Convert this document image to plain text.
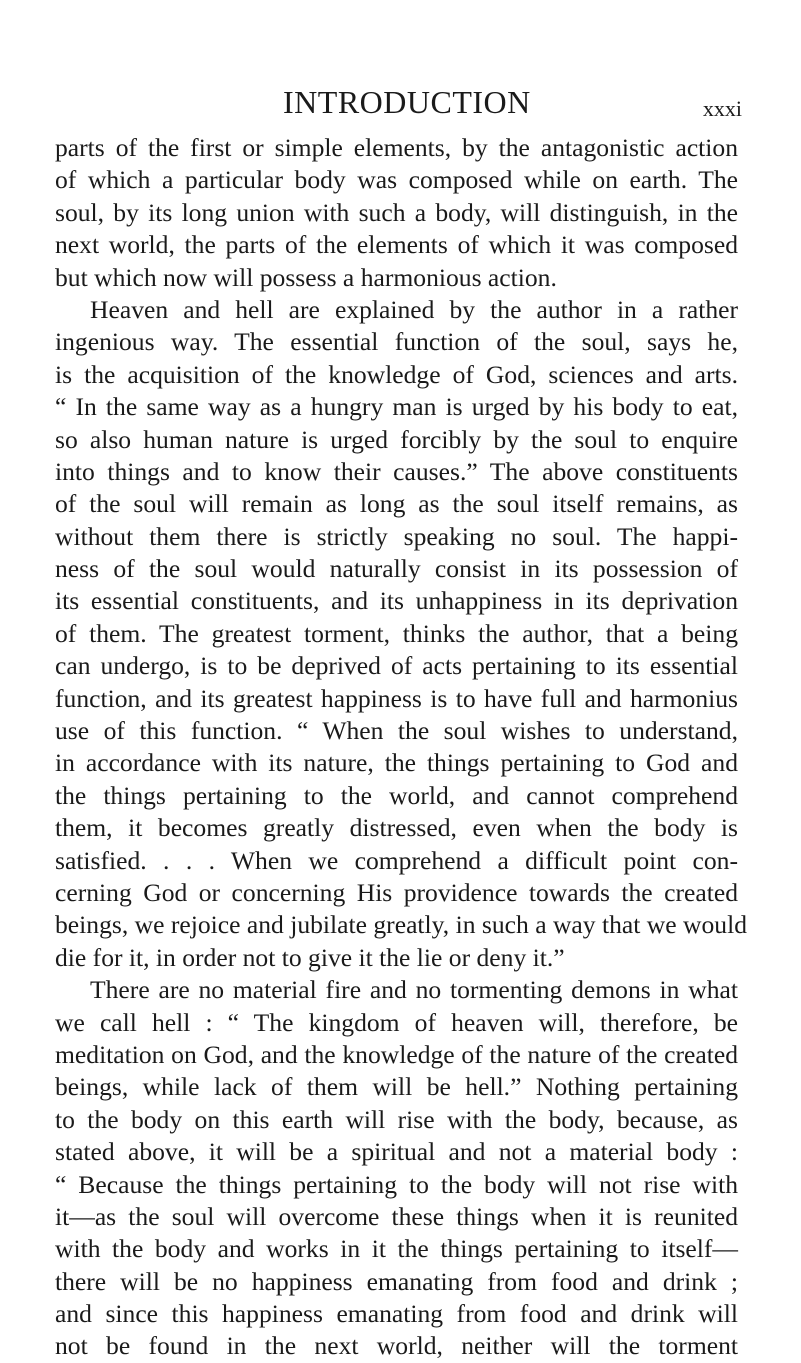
INTRODUCTION	xxxi
parts of the first or simple elements, by the antagonistic action
of which a particular body was composed while on earth. The
soul, by its long union with such a body, will distinguish, in the
next world, the parts of the elements of which it was composed
but which now will possess a harmonious action.
Heaven and hell are explained by the author in a rather
ingenious way. The essential function of the soul, says he,
is the acquisition of the knowledge of God, sciences and arts.
“ In the same way as a hungry man is urged by his body to eat,
so also human nature is urged forcibly by the soul to enquire
into things and to know their causes.” The above constituents
of the soul will remain as long as the soul itself remains, as
without them there is strictly speaking no soul. The happi-
ness of the soul would naturally consist in its possession of
its essential constituents, and its unhappiness in its deprivation
of them. The greatest torment, thinks the author, that a being
can undergo, is to be deprived of acts pertaining to its essential
function, and its greatest happiness is to have full and harmonius
use of this function. “ When the soul wishes to understand,
in accordance with its nature, the things pertaining to God and
the things pertaining to the world, and cannot comprehend
them, it becomes greatly distressed, even when the body is
satisfied. . . . When we comprehend a difficult point con-
cerning God or concerning His providence towards the created
beings, we rejoice and jubilate greatly, in such a way that we would
die for it, in order not to give it the lie or deny it.”
There are no material fire and no tormenting demons in what
we call hell : “ The kingdom of heaven will, therefore, be
meditation on God, and the knowledge of the nature of the created
beings, while lack of them will be hell.” Nothing pertaining
to the body on this earth will rise with the body, because, as
stated above, it will be a spiritual and not a material body :
“ Because the things pertaining to the body will not rise with
it—as the soul will overcome these things when it is reunited
with the body and works in it the things pertaining to itself—
there will be no happiness emanating from food and drink ;
and since this happiness emanating from food and drink will
not be found in the next world, neither will the torment
